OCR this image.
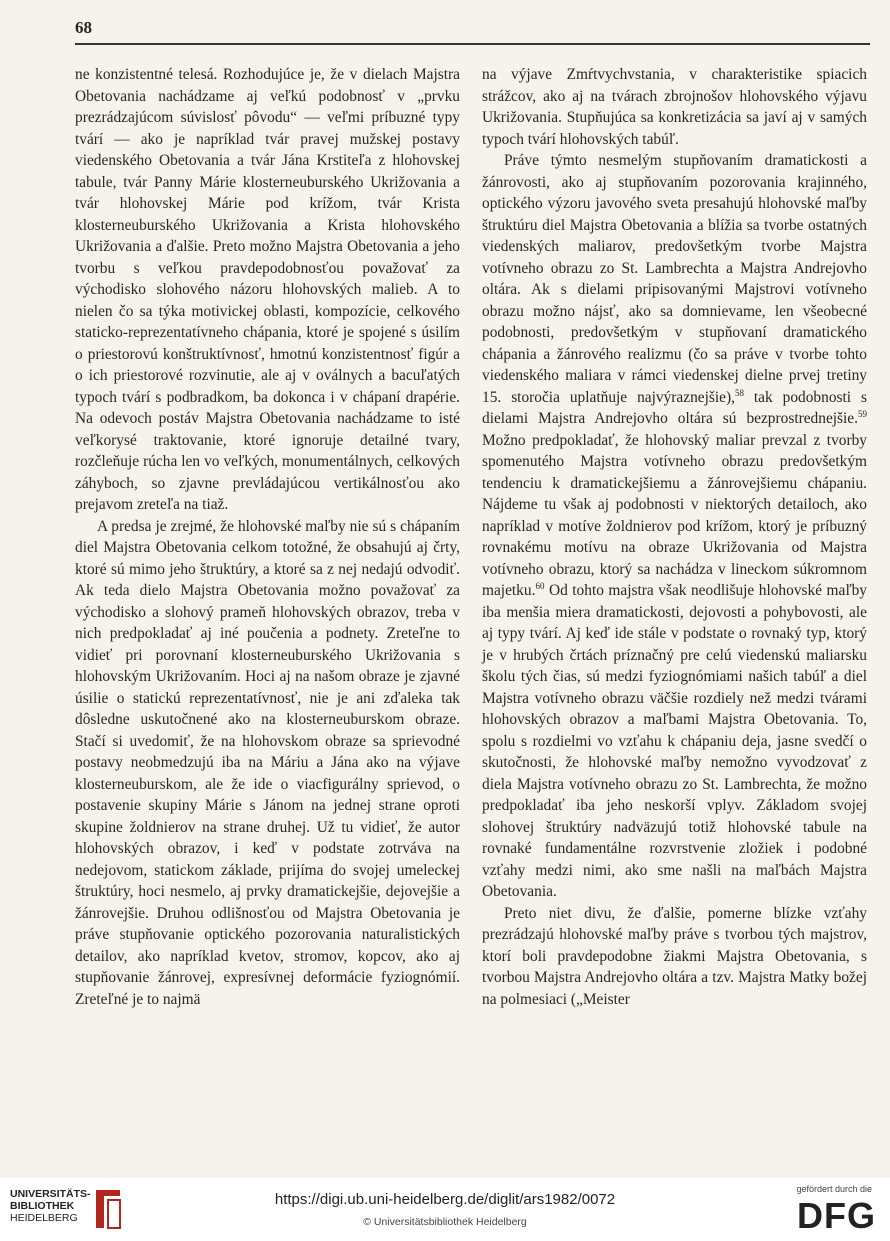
68

ne konzistentné telesá. Rozhodujúce je, že v dielach Majstra Obetovania nachádzame aj veľkú podobnosť v „prvku prezrádzajúcom súvislosť pôvodu“ — veľmi príbuzné typy tvárí — ako je napríklad tvár pravej mužskej postavy viedenského Obetovania a tvár Jána Krstiteľa z hlohovskej tabule, tvár Panny Márie klosterneuburského Ukrižovania a tvár hlohovskej Márie pod krížom, tvár Krista klosterneuburského Ukrižovania a Krista hlohovského Ukrižovania a ďalšie. Preto možno Majstra Obetovania a jeho tvorbu s veľkou pravdepodobnosťou považovať za východisko slohového názoru hlohovských malieb. A to nielen čo sa týka motivickej oblasti, kompozície, celkového staticko-reprezentatívneho chápania, ktoré je spojené s úsilím o priestorovú konštruktívnosť, hmotnú konzistentnosť figúr a o ich priestorové rozvinutie, ale aj v oválnych a bacuľatých typoch tvárí s podbradkom, ba dokonca i v chápaní drapérie. Na odevoch postáv Majstra Obetovania nachádzame to isté veľkorysé traktovanie, ktoré ignoruje detailné tvary, rozčleňuje rúcha len vo veľkých, monumentálnych, celkových záhyboch, so zjavne prevládajúcou vertikálnosťou ako prejavom zreteľa na tiaž.

A predsa je zrejmé, že hlohovské maľby nie sú s chápaním diel Majstra Obetovania celkom totožné, že obsahujú aj črty, ktoré sú mimo jeho štruktúry, a ktoré sa z nej nedajú odvodiť. Ak teda dielo Majstra Obetovania možno považovať za východisko a slohový prameň hlohovských obrazov, treba v nich predpokladať aj iné poučenia a podnety. Zreteľne to vidieť pri porovnaní klosterneuburského Ukrižovania s hlohovským Ukrižovaním. Hoci aj na našom obraze je zjavné úsilie o statickú reprezentatívnosť, nie je ani zďaleka tak dôsledne uskutočnené ako na klosterneuburskom obraze. Stačí si uvedomiť, že na hlohovskom obraze sa sprievodné postavy neobmedzujú iba na Máriu a Jána ako na výjave klosterneuburskom, ale že ide o viacfigurálny sprievod, o postavenie skupiny Márie s Jánom na jednej strane oproti skupine žoldnierov na strane druhej. Už tu vidieť, že autor hlohovských obrazov, i keď v podstate zotrváva na nedejovom, statickom základe, prijíma do svojej umeleckej štruktúry, hoci nesmelo, aj prvky dramatickejšie, dejovejšie a žánrovejšie. Druhou odlišnosťou od Majstra Obetovania je práve stupňovanie optického pozorovania naturalistických detailov, ako napríklad kvetov, stromov, kopcov, ako aj stupňovanie žánrovej, expresívnej deformácie fyziognómií. Zreteľné je to najmä

na výjave Zmŕtvychvstania, v charakteristike spiacich strážcov, ako aj na tvárach zbrojnošov hlohovského výjavu Ukrižovania. Stupňujúca sa konkretizácia sa javí aj v samých typoch tvárí hlohovských tabúľ.

Práve týmto nesmelým stupňovaním dramatickosti a žánrovosti, ako aj stupňovaním pozorovania krajinného, optického výzoru javového sveta presahujú hlohovské maľby štruktúru diel Majstra Obetovania a blížia sa tvorbe ostatných viedenských maliarov, predovšetkým tvorbe Majstra votívneho obrazu zo St. Lambrechta a Majstra Andrejovho oltára. Ak s dielami pripisovanými Majstrovi votívneho obrazu možno nájsť, ako sa domnievame, len všeobecné podobnosti, predovšetkým v stupňovaní dramatického chápania a žánrového realizmu (čo sa práve v tvorbe tohto viedenského maliara v rámci viedenskej dielne prvej tretiny 15. storočia uplatňuje najvýraznejšie),$^{58}$ tak podobnosti s dielami Majstra Andrejovho oltára sú bezprostrednejšie.$^{59}$ Možno predpokladať, že hlohovský maliar prevzal z tvorby spomenutého Majstra votívneho obrazu predovšetkým tendenciu k dramatickejšiemu a žánrovejšiemu chápaniu. Nájdeme tu však aj podobnosti v niektorých detailoch, ako napríklad v motíve žoldnierov pod krížom, ktorý je príbuzný rovnakému motívu na obraze Ukrižovania od Majstra votívneho obrazu, ktorý sa nachádza v lineckom súkromnom majetku.$^{60}$ Od tohto majstra však neodlišuje hlohovské maľby iba menšia miera dramatickosti, dejovosti a pohybovosti, ale aj typy tvárí. Aj keď ide stále v podstate o rovnaký typ, ktorý je v hrubých črtách príznačný pre celú viedenskú maliarsku školu tých čias, sú medzi fyziognómiami našich tabúľ a diel Majstra votívneho obrazu väčšie rozdiely než medzi tvárami hlohovských obrazov a maľbami Majstra Obetovania. To, spolu s rozdielmi vo vzťahu k chápaniu deja, jasne svedčí o skutočnosti, že hlohovské maľby nemožno vyvodzovať z diela Majstra votívneho obrazu zo St. Lambrechta, že možno predpokladať iba jeho neskorší vplyv. Základom svojej slohovej štruktúry nadväzujú totiž hlohovské tabule na rovnaké fundamentálne rozvrstvenie zložiek i podobné vzťahy medzi nimi, ako sme našli na maľbách Majstra Obetovania.

Preto niet divu, že ďalšie, pomerne blízke vzťahy prezrádzajú hlohovské maľby práve s tvorbou tých majstrov, ktorí boli pravdepodobne žiakmi Majstra Obetovania, s tvorbou Majstra Andrejovho oltára a tzv. Majstra Matky božej na polmesiaci („Meister

UNIVERSITÄTS-
BIBLIOTHEK
HEIDELBERG
https://digi.ub.uni-heidelberg.de/diglit/ars1982/0072
© Universitätsbibliothek Heidelberg
gefördert durch die
DFG
